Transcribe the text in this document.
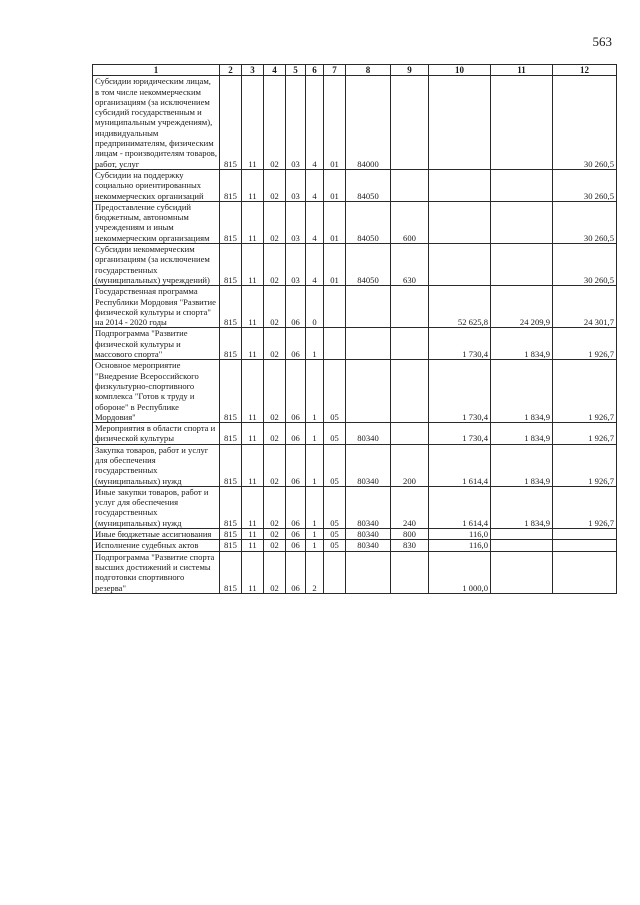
563
1	2	3	4	5	6	7	8	9	10	11	12
Субсидии юридическим лицам, в том числе некоммерческим организациям (за исключением субсидий государственным и муниципальным учреждениям), индивидуальным предпринимателям, физическим лицам - производителям товаров, работ, услуг	815	11	02	03	4	01	84000				30 260,5
Субсидии на поддержку социально ориентированных некоммерческих организаций	815	11	02	03	4	01	84050				30 260,5
Предоставление субсидий бюджетным, автономным учреждениям и иным некоммерческим организациям	815	11	02	03	4	01	84050	600			30 260,5
Субсидии некоммерческим организациям (за исключением государственных (муниципальных) учреждений)	815	11	02	03	4	01	84050	630			30 260,5
Государственная программа Республики Мордовия "Развитие физической культуры и спорта" на 2014 - 2020 годы	815	11	02	06	0				52 625,8	24 209,9	24 301,7
Подпрограмма "Развитие физической культуры и массового спорта"	815	11	02	06	1				1 730,4	1 834,9	1 926,7
Основное мероприятие "Внедрение Всероссийского физкультурно-спортивного комплекса "Готов к труду и обороне" в Республике Мордовия"	815	11	02	06	1	05			1 730,4	1 834,9	1 926,7
Мероприятия в области спорта и физической культуры	815	11	02	06	1	05	80340		1 730,4	1 834,9	1 926,7
Закупка товаров, работ и услуг для обеспечения государственных (муниципальных) нужд	815	11	02	06	1	05	80340	200	1 614,4	1 834,9	1 926,7
Иные закупки товаров, работ и услуг для обеспечения государственных (муниципальных) нужд	815	11	02	06	1	05	80340	240	1 614,4	1 834,9	1 926,7
Иные бюджетные ассигнования	815	11	02	06	1	05	80340	800	116,0		
Исполнение судебных актов	815	11	02	06	1	05	80340	830	116,0		
Подпрограмма "Развитие спорта высших достижений и системы подготовки спортивного резерва"	815	11	02	06	2				1 000,0		
